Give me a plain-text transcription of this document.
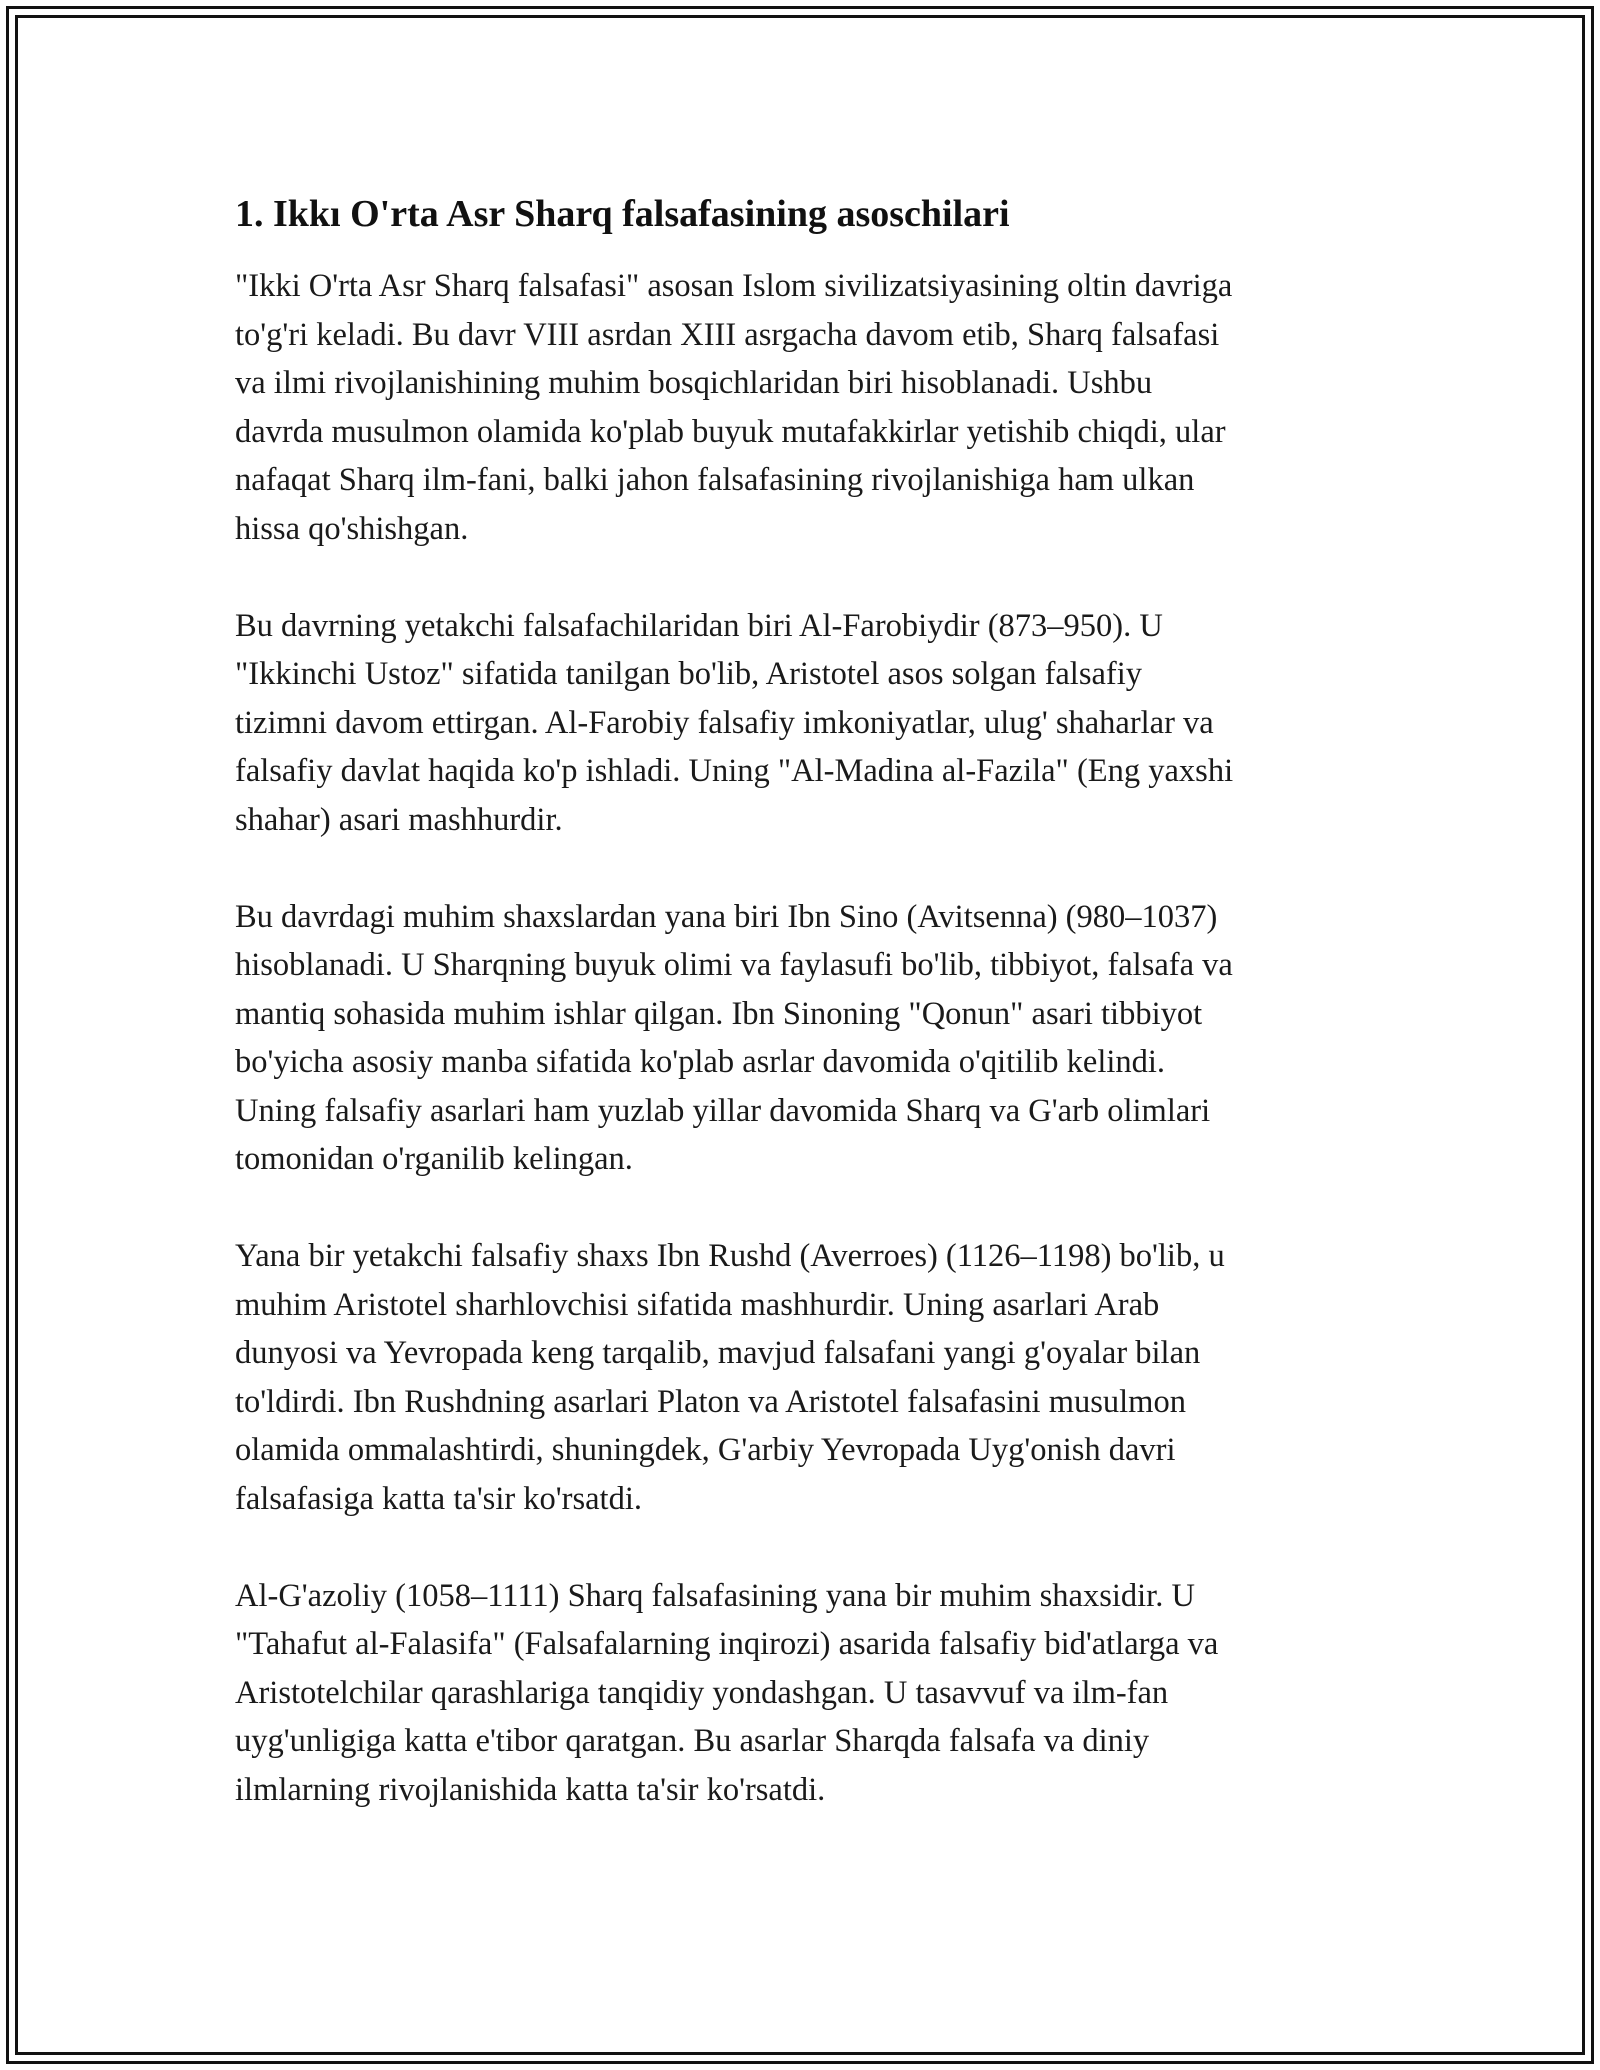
1. Ikkı O'rta Asr Sharq falsafasining asoschilari

"Ikki O'rta Asr Sharq falsafasi" asosan Islom sivilizatsiyasining oltin davriga
to'g'ri keladi. Bu davr VIII asrdan XIII asrgacha davom etib, Sharq falsafasi
va ilmi rivojlanishining muhim bosqichlaridan biri hisoblanadi. Ushbu
davrda musulmon olamida ko'plab buyuk mutafakkirlar yetishib chiqdi, ular
nafaqat Sharq ilm-fani, balki jahon falsafasining rivojlanishiga ham ulkan
hissa qo'shishgan.

Bu davrning yetakchi falsafachilaridan biri Al-Farobiydir (873–950). U
"Ikkinchi Ustoz" sifatida tanilgan bo'lib, Aristotel asos solgan falsafiy
tizimni davom ettirgan. Al-Farobiy falsafiy imkoniyatlar, ulug' shaharlar va
falsafiy davlat haqida ko'p ishladi. Uning "Al-Madina al-Fazila" (Eng yaxshi
shahar) asari mashhurdir.

Bu davrdagi muhim shaxslardan yana biri Ibn Sino (Avitsenna) (980–1037)
hisoblanadi. U Sharqning buyuk olimi va faylasufi bo'lib, tibbiyot, falsafa va
mantiq sohasida muhim ishlar qilgan. Ibn Sinoning "Qonun" asari tibbiyot
bo'yicha asosiy manba sifatida ko'plab asrlar davomida o'qitilib kelindi.
Uning falsafiy asarlari ham yuzlab yillar davomida Sharq va G'arb olimlari
tomonidan o'rganilib kelingan.

Yana bir yetakchi falsafiy shaxs Ibn Rushd (Averroes) (1126–1198) bo'lib, u
muhim Aristotel sharhlovchisi sifatida mashhurdir. Uning asarlari Arab
dunyosi va Yevropada keng tarqalib, mavjud falsafani yangi g'oyalar bilan
to'ldirdi. Ibn Rushdning asarlari Platon va Aristotel falsafasini musulmon
olamida ommalashtirdi, shuningdek, G'arbiy Yevropada Uyg'onish davri
falsafasiga katta ta'sir ko'rsatdi.

Al-G'azoliy (1058–1111) Sharq falsafasining yana bir muhim shaxsidir. U
"Tahafut al-Falasifa" (Falsafalarning inqirozi) asarida falsafiy bid'atlarga va
Aristotelchilar qarashlariga tanqidiy yondashgan. U tasavvuf va ilm-fan
uyg'unligiga katta e'tibor qaratgan. Bu asarlar Sharqda falsafa va diniy
ilmlarning rivojlanishida katta ta'sir ko'rsatdi.
